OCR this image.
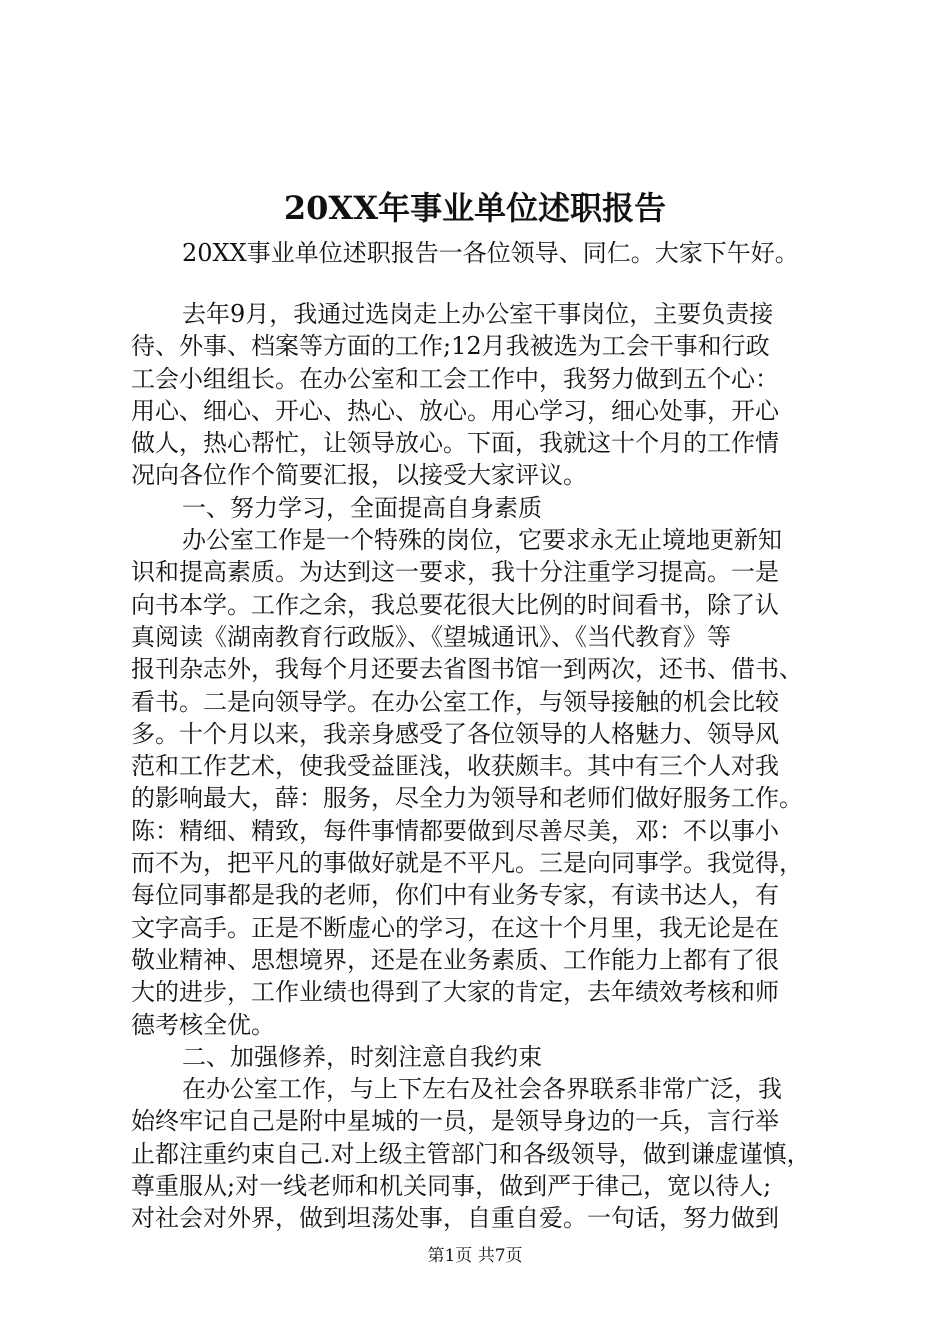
20XX年事业单位述职报告
20XX事业单位述职报告一各位领导、同仁。大家下午好。
去年9月，我通过选岗走上办公室干事岗位，主要负责接
待、外事、档案等方面的工作;12月我被选为工会干事和行政
工会小组组长。在办公室和工会工作中，我努力做到五个心：
用心、细心、开心、热心、放心。用心学习，细心处事，开心
做人，热心帮忙，让领导放心。下面，我就这十个月的工作情
况向各位作个简要汇报，以接受大家评议。
一、努力学习，全面提高自身素质
办公室工作是一个特殊的岗位，它要求永无止境地更新知
识和提高素质。为达到这一要求，我十分注重学习提高。一是
向书本学。工作之余，我总要花很大比例的时间看书，除了认
真阅读《湖南教育行政版》、《望城通讯》、《当代教育》等
报刊杂志外，我每个月还要去省图书馆一到两次，还书、借书、
看书。二是向领导学。在办公室工作，与领导接触的机会比较
多。十个月以来，我亲身感受了各位领导的人格魅力、领导风
范和工作艺术，使我受益匪浅，收获颇丰。其中有三个人对我
的影响最大，薛：服务，尽全力为领导和老师们做好服务工作。
陈：精细、精致，每件事情都要做到尽善尽美，邓：不以事小
而不为，把平凡的事做好就是不平凡。三是向同事学。我觉得，
每位同事都是我的老师，你们中有业务专家，有读书达人，有
文字高手。正是不断虚心的学习，在这十个月里，我无论是在
敬业精神、思想境界，还是在业务素质、工作能力上都有了很
大的进步，工作业绩也得到了大家的肯定，去年绩效考核和师
德考核全优。
二、加强修养，时刻注意自我约束
在办公室工作，与上下左右及社会各界联系非常广泛，我
始终牢记自己是附中星城的一员，是领导身边的一兵，言行举
止都注重约束自己.对上级主管部门和各级领导，做到谦虚谨慎，
尊重服从;对一线老师和机关同事，做到严于律己，宽以待人;
对社会对外界，做到坦荡处事，自重自爱。一句话，努力做到
第1页 共7页
